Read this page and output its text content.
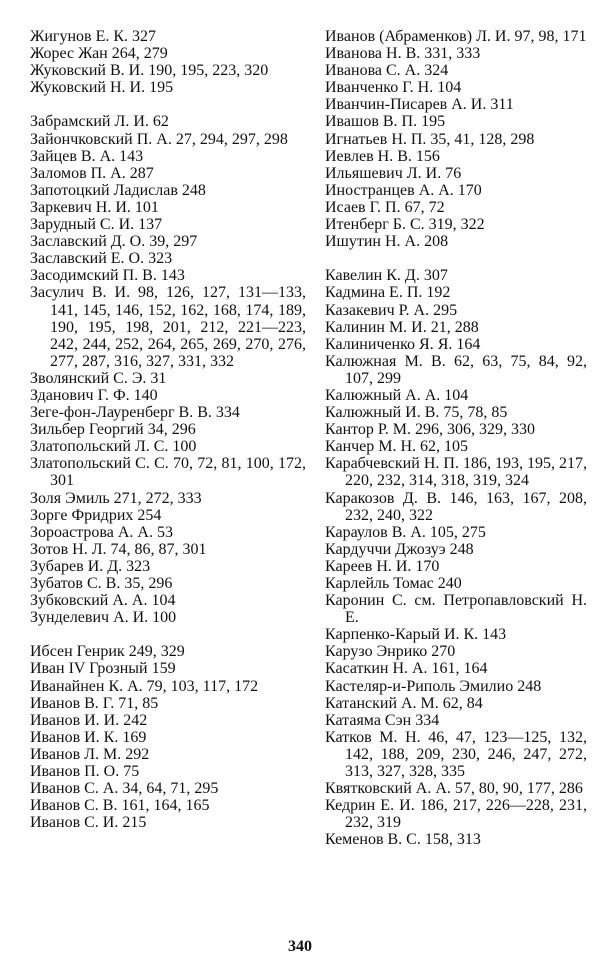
Жигунов Е. К. 327
Жорес Жан 264, 279
Жуковский В. И. 190, 195, 223, 320
Жуковский Н. И. 195
Забрамский Л. И. 62
Зайончковский П. А. 27, 294, 297, 298
Зайцев В. А. 143
Заломов П. А. 287
Запотоцкий Ладислав 248
Заркевич Н. И. 101
Зарудный С. И. 137
Заславский Д. О. 39, 297
Заславский Е. О. 323
Засодимский П. В. 143
Засулич В. И. 98, 126, 127, 131—133, 141, 145, 146, 152, 162, 168, 174, 189, 190, 195, 198, 201, 212, 221—223, 242, 244, 252, 264, 265, 269, 270, 276, 277, 287, 316, 327, 331, 332
Зволянский С. Э. 31
Зданович Г. Ф. 140
Зеге-фон-Лауренберг В. В. 334
Зильбер Георгий 34, 296
Златопольский Л. С. 100
Златопольский С. С. 70, 72, 81, 100, 172, 301
Золя Эмиль 271, 272, 333
Зорге Фридрих 254
Зороастрова А. А. 53
Зотов Н. Л. 74, 86, 87, 301
Зубарев И. Д. 323
Зубатов С. В. 35, 296
Зубковский А. А. 104
Зунделевич А. И. 100
Ибсен Генрик 249, 329
Иван IV Грозный 159
Иванайнен К. А. 79, 103, 117, 172
Иванов В. Г. 71, 85
Иванов И. И. 242
Иванов И. К. 169
Иванов Л. М. 292
Иванов П. О. 75
Иванов С. А. 34, 64, 71, 295
Иванов С. В. 161, 164, 165
Иванов С. И. 215
Иванов (Абраменков) Л. И. 97, 98, 171
Иванова Н. В. 331, 333
Иванова С. А. 324
Иванченко Г. Н. 104
Иванчин-Писарев А. И. 311
Ивашов В. П. 195
Игнатьев Н. П. 35, 41, 128, 298
Иевлев Н. В. 156
Ильяшевич Л. И. 76
Иностранцев А. А. 170
Исаев Г. П. 67, 72
Итенберг Б. С. 319, 322
Ишутин Н. А. 208
Кавелин К. Д. 307
Кадмина Е. П. 192
Казакевич Р. А. 295
Калинин М. И. 21, 288
Калиниченко Я. Я. 164
Калюжная М. В. 62, 63, 75, 84, 92, 107, 299
Калюжный А. А. 104
Калюжный И. В. 75, 78, 85
Кантор Р. М. 296, 306, 329, 330
Канчер М. Н. 62, 105
Карабчевский Н. П. 186, 193, 195, 217, 220, 232, 314, 318, 319, 324
Каракозов Д. В. 146, 163, 167, 208, 232, 240, 322
Караулов В. А. 105, 275
Кардуччи Джозуэ 248
Кареев Н. И. 170
Карлейль Томас 240
Каронин С. см. Петропавловский Н. Е.
Карпенко-Карый И. К. 143
Карузо Энрико 270
Касаткин Н. А. 161, 164
Кастеляр-и-Риполь Эмилио 248
Катанский А. М. 62, 84
Катаяма Сэн 334
Катков М. Н. 46, 47, 123—125, 132, 142, 188, 209, 230, 246, 247, 272, 313, 327, 328, 335
Квятковский А. А. 57, 80, 90, 177, 286
Кедрин Е. И. 186, 217, 226—228, 231, 232, 319
Кеменов В. С. 158, 313
340
